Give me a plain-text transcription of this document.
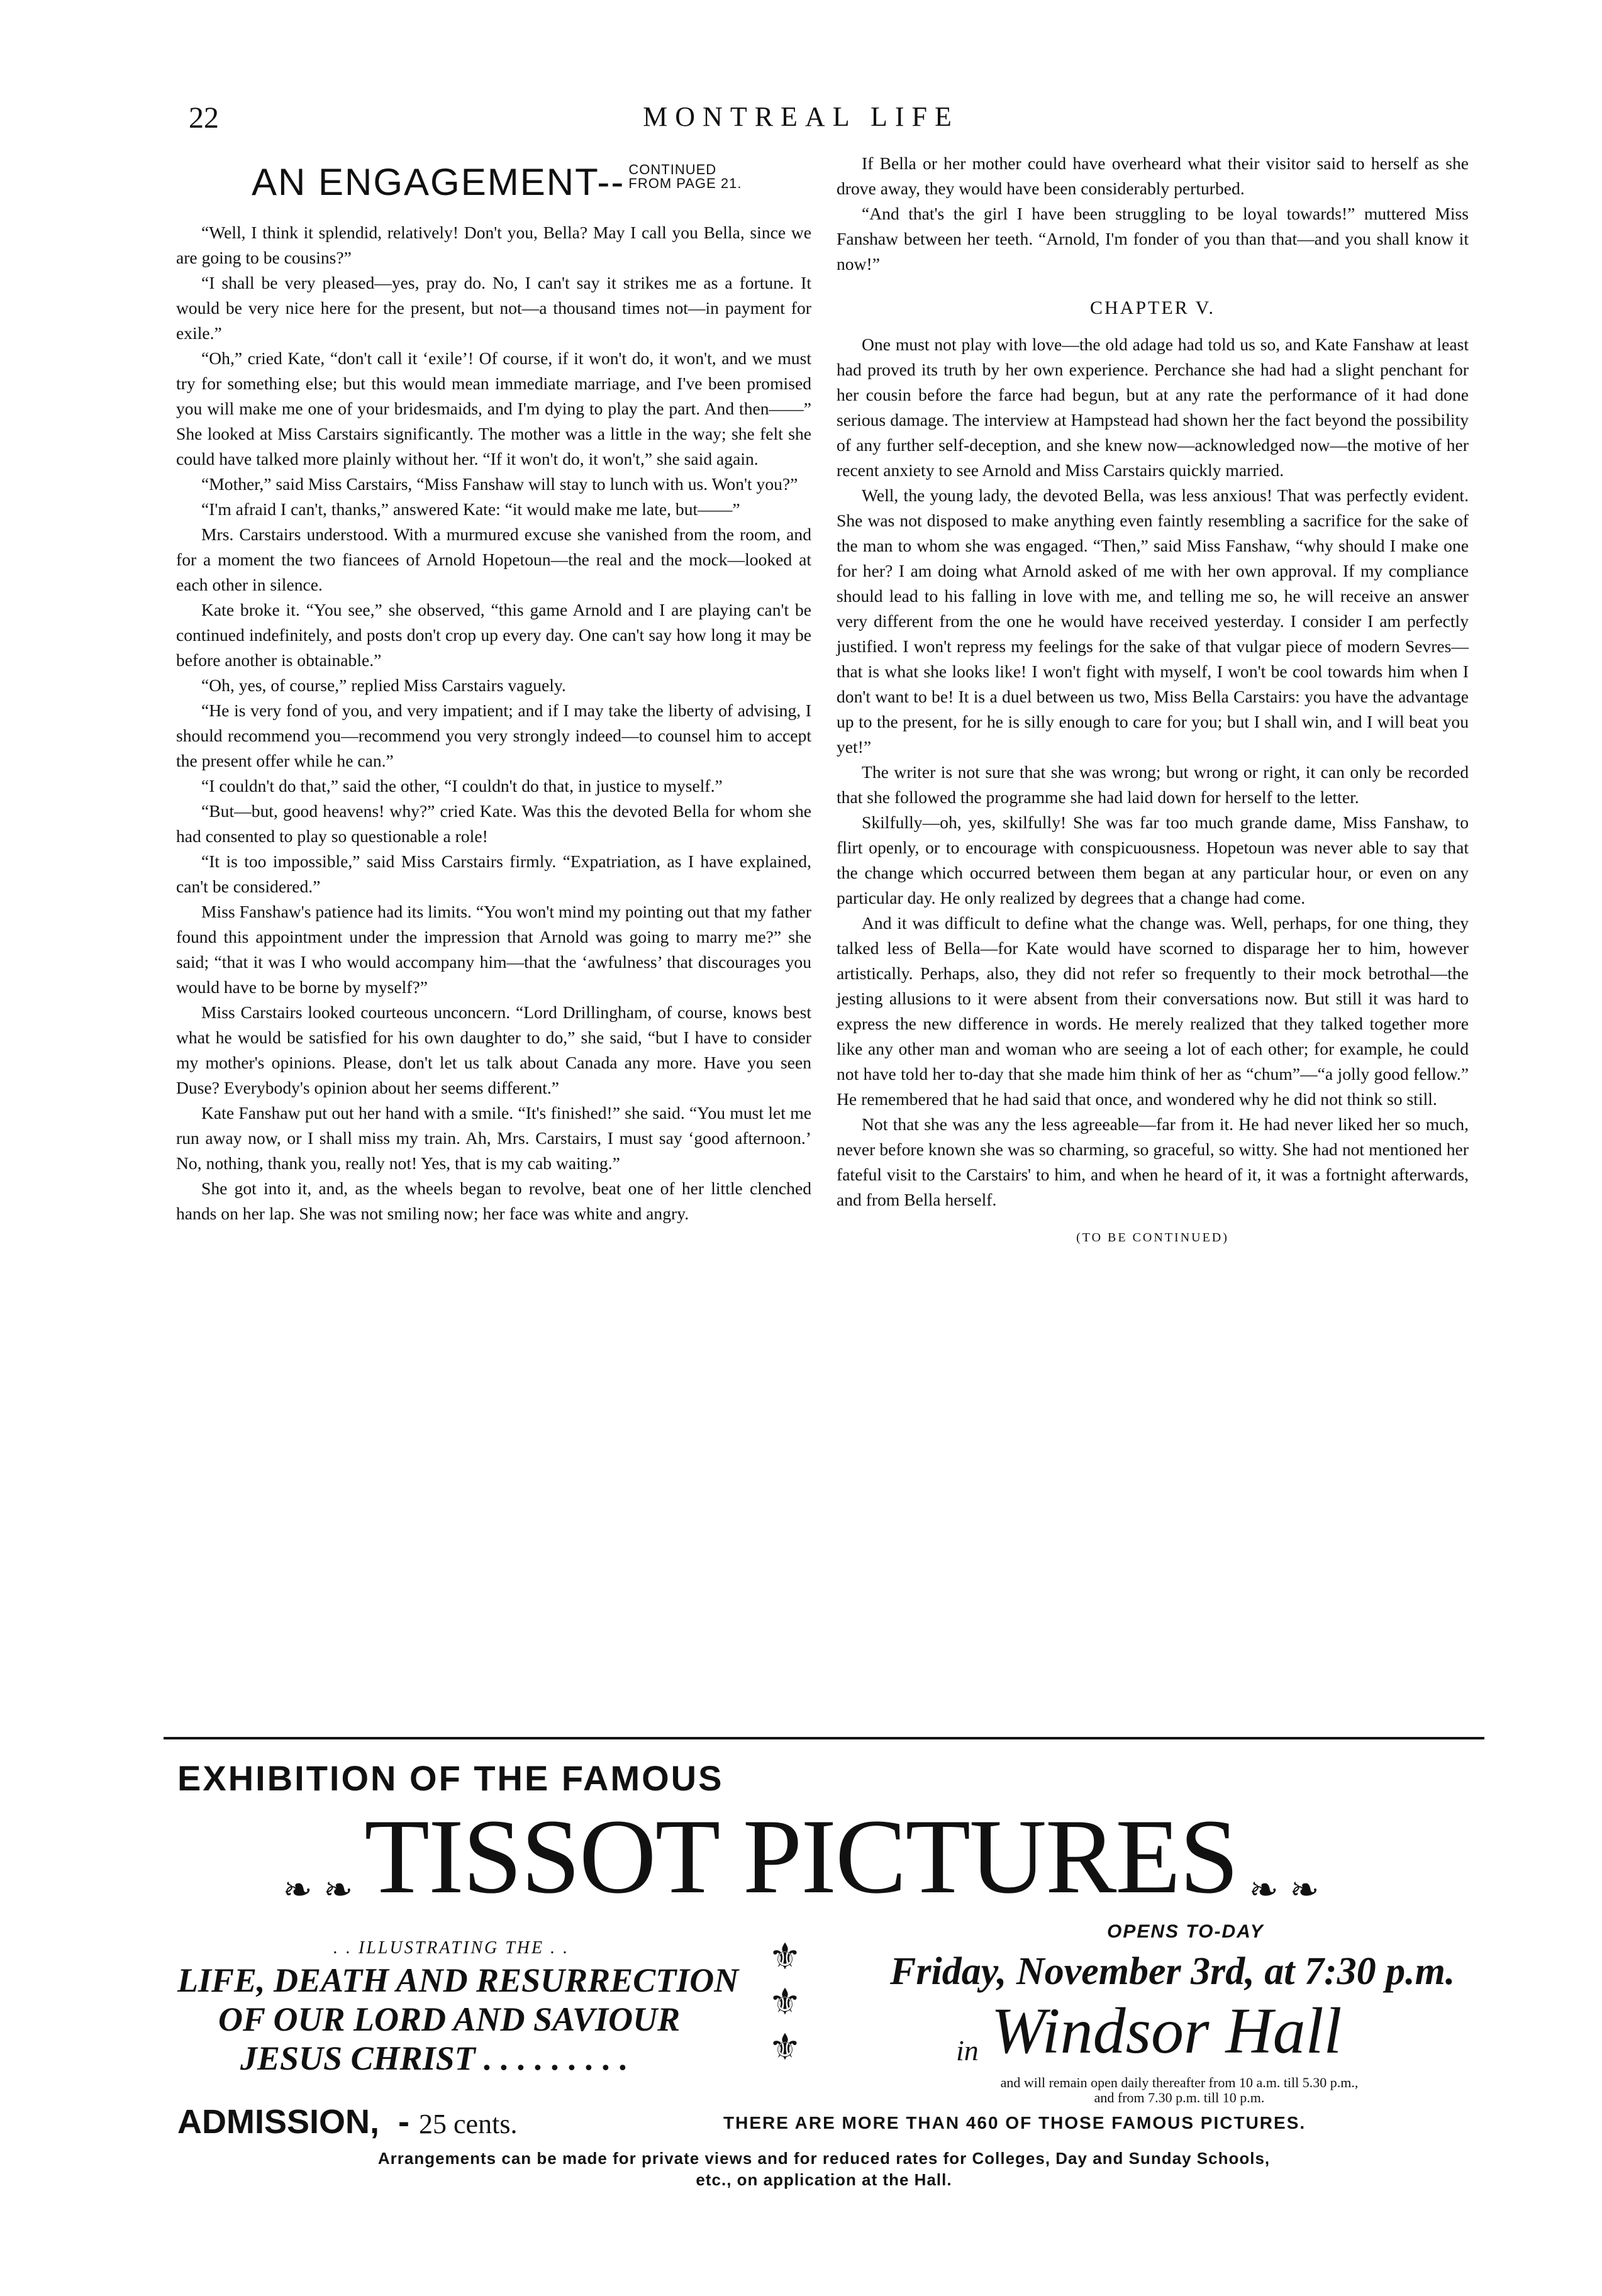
22	MONTREAL LIFE
AN ENGAGEMENT-- CONTINUED
FROM PAGE 21.

“Well, I think it splendid, relatively! Don't you, Bella? May I call you Bella, since we are going to be cousins?”

“I shall be very pleased—yes, pray do. No, I can't say it strikes me as a fortune. It would be very nice here for the present, but not—a thousand times not—in payment for exile.”

“Oh,” cried Kate, “don't call it ‘exile’! Of course, if it won't do, it won't, and we must try for something else; but this would mean immediate marriage, and I've been promised you will make me one of your bridesmaids, and I'm dying to play the part. And then——” She looked at Miss Carstairs significantly. The mother was a little in the way; she felt she could have talked more plainly without her. “If it won't do, it won't,” she said again.

“Mother,” said Miss Carstairs, “Miss Fanshaw will stay to lunch with us. Won't you?”

“I'm afraid I can't, thanks,” answered Kate: “it would make me late, but——”

Mrs. Carstairs understood. With a murmured excuse she vanished from the room, and for a moment the two fiancees of Arnold Hopetoun—the real and the mock—looked at each other in silence.

Kate broke it. “You see,” she observed, “this game Arnold and I are playing can't be continued indefinitely, and posts don't crop up every day. One can't say how long it may be before another is obtainable.”

“Oh, yes, of course,” replied Miss Carstairs vaguely.

“He is very fond of you, and very impatient; and if I may take the liberty of advising, I should recommend you—recommend you very strongly indeed—to counsel him to accept the present offer while he can.”

“I couldn't do that,” said the other, “I couldn't do that, in justice to myself.”

“But—but, good heavens! why?” cried Kate. Was this the devoted Bella for whom she had consented to play so questionable a role!

“It is too impossible,” said Miss Carstairs firmly. “Expatriation, as I have explained, can't be considered.”

Miss Fanshaw's patience had its limits. “You won't mind my pointing out that my father found this appointment under the impression that Arnold was going to marry me?” she said; “that it was I who would accompany him—that the ‘awfulness’ that discourages you would have to be borne by myself?”

Miss Carstairs looked courteous unconcern. “Lord Drillingham, of course, knows best what he would be satisfied for his own daughter to do,” she said, “but I have to consider my mother's opinions. Please, don't let us talk about Canada any more. Have you seen Duse? Everybody's opinion about her seems different.”

Kate Fanshaw put out her hand with a smile. “It's finished!” she said. “You must let me run away now, or I shall miss my train. Ah, Mrs. Carstairs, I must say ‘good afternoon.’ No, nothing, thank you, really not! Yes, that is my cab waiting.”

She got into it, and, as the wheels began to revolve, beat one of her little clenched hands on her lap. She was not smiling now; her face was white and angry.

If Bella or her mother could have overheard what their visitor said to herself as she drove away, they would have been considerably perturbed.

“And that's the girl I have been struggling to be loyal towards!” muttered Miss Fanshaw between her teeth. “Arnold, I'm fonder of you than that—and you shall know it now!”

CHAPTER V.

One must not play with love—the old adage had told us so, and Kate Fanshaw at least had proved its truth by her own experience. Perchance she had had a slight penchant for her cousin before the farce had begun, but at any rate the performance of it had done serious damage. The interview at Hampstead had shown her the fact beyond the possibility of any further self-deception, and she knew now—acknowledged now—the motive of her recent anxiety to see Arnold and Miss Carstairs quickly married.

Well, the young lady, the devoted Bella, was less anxious! That was perfectly evident. She was not disposed to make anything even faintly resembling a sacrifice for the sake of the man to whom she was engaged. “Then,” said Miss Fanshaw, “why should I make one for her? I am doing what Arnold asked of me with her own approval. If my compliance should lead to his falling in love with me, and telling me so, he will receive an answer very different from the one he would have received yesterday. I consider I am perfectly justified. I won't repress my feelings for the sake of that vulgar piece of modern Sevres—that is what she looks like! I won't fight with myself, I won't be cool towards him when I don't want to be! It is a duel between us two, Miss Bella Carstairs: you have the advantage up to the present, for he is silly enough to care for you; but I shall win, and I will beat you yet!”

The writer is not sure that she was wrong; but wrong or right, it can only be recorded that she followed the programme she had laid down for herself to the letter.

Skilfully—oh, yes, skilfully! She was far too much grande dame, Miss Fanshaw, to flirt openly, or to encourage with conspicuousness. Hopetoun was never able to say that the change which occurred between them began at any particular hour, or even on any particular day. He only realized by degrees that a change had come.

And it was difficult to define what the change was. Well, perhaps, for one thing, they talked less of Bella—for Kate would have scorned to disparage her to him, however artistically. Perhaps, also, they did not refer so frequently to their mock betrothal—the jesting allusions to it were absent from their conversations now. But still it was hard to express the new difference in words. He merely realized that they talked together more like any other man and woman who are seeing a lot of each other; for example, he could not have told her to-day that she made him think of her as “chum”—“a jolly good fellow.” He remembered that he had said that once, and wondered why he did not think so still.

Not that she was any the less agreeable—far from it. He had never liked her so much, never before known she was so charming, so graceful, so witty. She had not mentioned her fateful visit to the Carstairs' to him, and when he heard of it, it was a fortnight afterwards, and from Bella herself.

(TO BE CONTINUED)

EXHIBITION OF THE FAMOUS
❧ ❧ TISSOT PICTURES ❧ ❧
. . ILLUSTRATING THE . .
LIFE, DEATH AND RESURRECTION
OF OUR LORD AND SAVIOUR
JESUS CHRIST . . . . . . . . .
⚜
⚜
⚜
OPENS TO-DAY
Friday, November 3rd, at 7:30 p.m.
in Windsor Hall
and will remain open daily thereafter from 10 a.m. till 5.30 p.m.,
and from 7.30 p.m. till 10 p.m.
ADMISSION,  - 25 cents.	THERE ARE MORE THAN 460 OF THOSE FAMOUS PICTURES.
Arrangements can be made for private views and for reduced rates for Colleges, Day and Sunday Schools,
etc., on application at the Hall.
